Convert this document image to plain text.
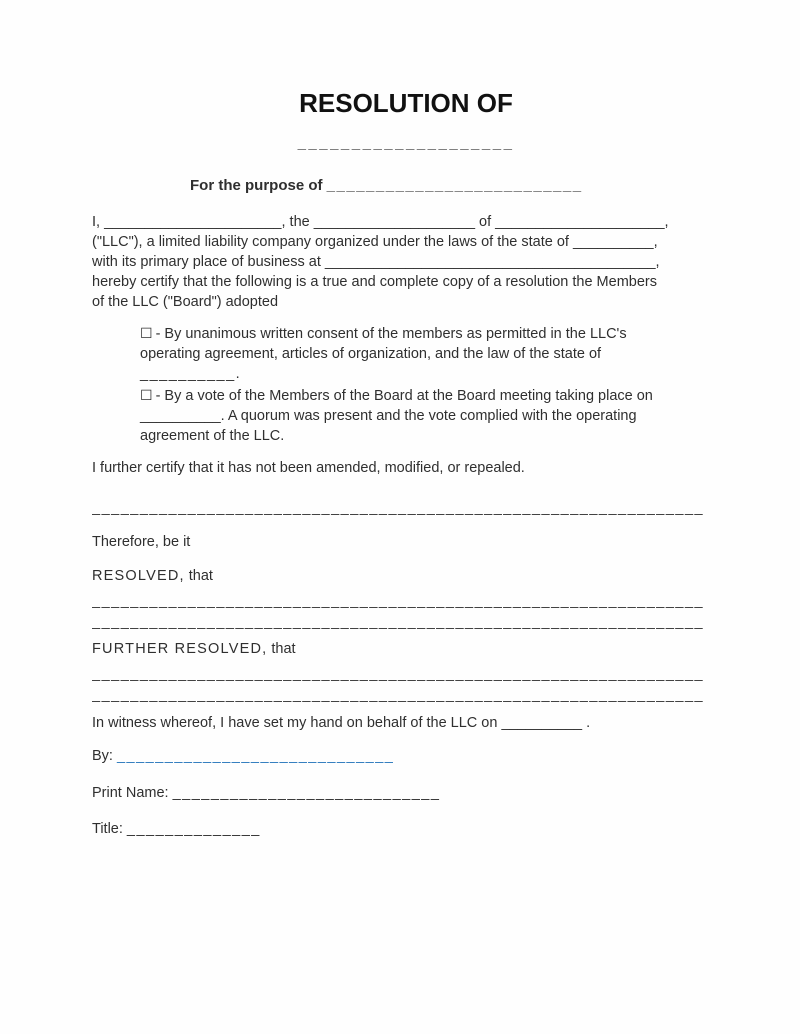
RESOLUTION OF
____________________
For the purpose of __________________________
I, ______________________, the ____________________ of _____________________,
("LLC"), a limited liability company organized under the laws of the state of __________,
with its primary place of business at _________________________________________,
hereby certify that the following is a true and complete copy of a resolution the Members
of the LLC ("Board") adopted
☐ - By unanimous written consent of the members as permitted in the LLC's
operating agreement, articles of organization, and the law of the state of
__________.
☐ - By a vote of the Members of the Board at the Board meeting taking place on
__________. A quorum was present and the vote complied with the operating
agreement of the LLC.
I further certify that it has not been amended, modified, or repealed.
________________________________________________________________
Therefore, be it
RESOLVED, that
________________________________________________________________
________________________________________________________________
FURTHER RESOLVED, that
________________________________________________________________
________________________________________________________________
In witness whereof, I have set my hand on behalf of the LLC on __________ .
By: _____________________________
Print Name: ____________________________
Title: ______________
